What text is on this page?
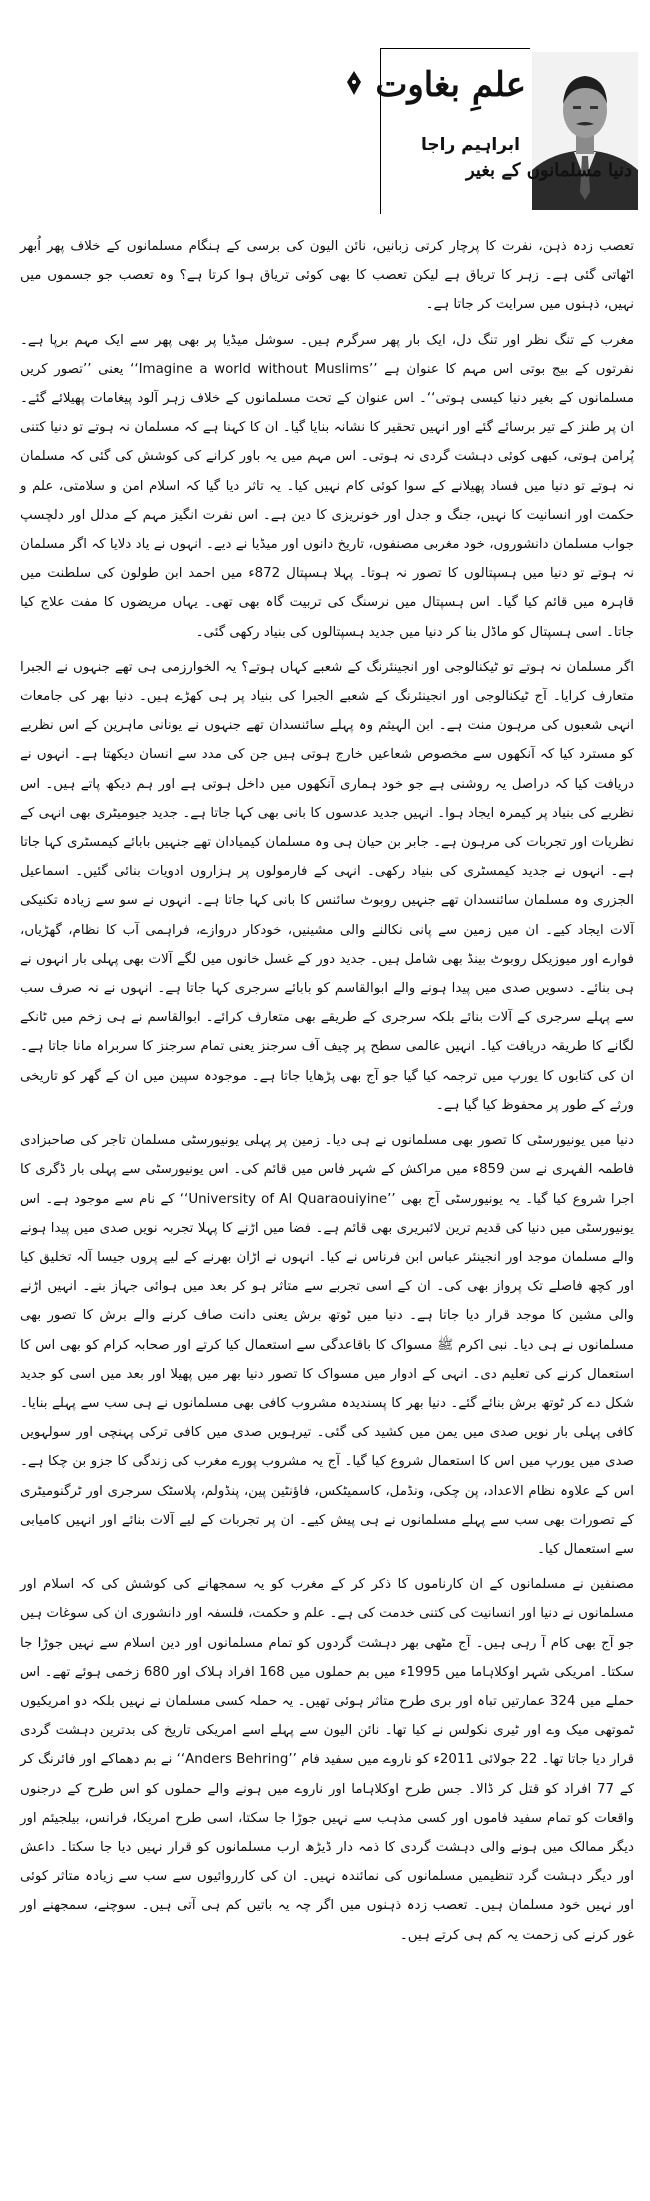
علمِ بغاوت
ابراہیم راجا
دنیا مسلمانوں کے بغیر

تعصب زدہ ذہن، نفرت کا پرچار کرتی زبانیں، نائن الیون کی برسی کے ہنگام مسلمانوں کے خلاف پھر اُبھر اٹھاتی گئی ہے۔ زہر کا تریاق ہے لیکن تعصب کا بھی کوئی تریاق ہوا کرتا ہے؟ وہ تعصب جو جسموں میں نہیں، ذہنوں میں سرایت کر جاتا ہے۔

مغرب کے تنگ نظر اور تنگ دل، ایک بار پھر سرگرم ہیں۔ سوشل میڈیا پر بھی پھر سے ایک مہم برپا ہے۔ نفرتوں کے بیج بوتی اس مہم کا عنوان ہے ’’Imagine a world without Muslims‘‘ یعنی ’’تصور کریں مسلمانوں کے بغیر دنیا کیسی ہوتی‘‘۔ اس عنوان کے تحت مسلمانوں کے خلاف زہر آلود پیغامات پھیلائے گئے۔ ان پر طنز کے تیر برسائے گئے اور انہیں تحقیر کا نشانہ بنایا گیا۔ ان کا کہنا ہے کہ مسلمان نہ ہوتے تو دنیا کتنی پُرامن ہوتی، کبھی کوئی دہشت گردی نہ ہوتی۔ اس مہم میں یہ باور کرانے کی کوشش کی گئی کہ مسلمان نہ ہوتے تو دنیا میں فساد پھیلانے کے سوا کوئی کام نہیں کیا۔ یہ تاثر دیا گیا کہ اسلام امن و سلامتی، علم و حکمت اور انسانیت کا نہیں، جنگ و جدل اور خونریزی کا دین ہے۔ اس نفرت انگیز مہم کے مدلل اور دلچسپ جواب مسلمان دانشوروں، خود مغربی مصنفوں، تاریخ دانوں اور میڈیا نے دیے۔ انہوں نے یاد دلایا کہ اگر مسلمان نہ ہوتے تو دنیا میں ہسپتالوں کا تصور نہ ہوتا۔ پہلا ہسپتال 872ء میں احمد ابن طولون کی سلطنت میں قاہرہ میں قائم کیا گیا۔ اس ہسپتال میں نرسنگ کی تربیت گاہ بھی تھی۔ یہاں مریضوں کا مفت علاج کیا جاتا۔ اسی ہسپتال کو ماڈل بنا کر دنیا میں جدید ہسپتالوں کی بنیاد رکھی گئی۔

اگر مسلمان نہ ہوتے تو ٹیکنالوجی اور انجینئرنگ کے شعبے کہاں ہوتے؟ یہ الخوارزمی ہی تھے جنہوں نے الجبرا متعارف کرایا۔ آج ٹیکنالوجی اور انجینئرنگ کے شعبے الجبرا کی بنیاد پر ہی کھڑے ہیں۔ دنیا بھر کی جامعات انہی شعبوں کی مرہون منت ہے۔ ابن الہیثم وہ پہلے سائنسدان تھے جنہوں نے یونانی ماہرین کے اس نظریے کو مسترد کیا کہ آنکھوں سے مخصوص شعاعیں خارج ہوتی ہیں جن کی مدد سے انسان دیکھتا ہے۔ انہوں نے دریافت کیا کہ دراصل یہ روشنی ہے جو خود ہماری آنکھوں میں داخل ہوتی ہے اور ہم دیکھ پاتے ہیں۔ اس نظریے کی بنیاد پر کیمرہ ایجاد ہوا۔ انہیں جدید عدسوں کا بانی بھی کہا جاتا ہے۔ جدید جیومیٹری بھی انہی کے نظریات اور تجربات کی مرہون ہے۔ جابر بن حیان ہی وہ مسلمان کیمیادان تھے جنہیں بابائے کیمسٹری کہا جاتا ہے۔ انہوں نے جدید کیمسٹری کی بنیاد رکھی۔ انہی کے فارمولوں پر ہزاروں ادویات بنائی گئیں۔ اسماعیل الجزری وہ مسلمان سائنسدان تھے جنہیں روبوٹ سائنس کا بانی کہا جاتا ہے۔ انہوں نے سو سے زیادہ تکنیکی آلات ایجاد کیے۔ ان میں زمین سے پانی نکالنے والی مشینیں، خودکار دروازے، فراہمی آب کا نظام، گھڑیاں، فوارے اور میوزیکل روبوٹ بینڈ بھی شامل ہیں۔ جدید دور کے غسل خانوں میں لگے آلات بھی پہلی بار انہوں نے ہی بنائے۔ دسویں صدی میں پیدا ہونے والے ابوالقاسم کو بابائے سرجری کہا جاتا ہے۔ انہوں نے نہ صرف سب سے پہلے سرجری کے آلات بنائے بلکہ سرجری کے طریقے بھی متعارف کرائے۔ ابوالقاسم نے ہی زخم میں ٹانکے لگانے کا طریقہ دریافت کیا۔ انہیں عالمی سطح پر چیف آف سرجنز یعنی تمام سرجنز کا سربراہ مانا جاتا ہے۔ ان کی کتابوں کا یورپ میں ترجمہ کیا گیا جو آج بھی پڑھایا جاتا ہے۔ موجودہ سپین میں ان کے گھر کو تاریخی ورثے کے طور پر محفوظ کیا گیا ہے۔

دنیا میں یونیورسٹی کا تصور بھی مسلمانوں نے ہی دیا۔ زمین پر پہلی یونیورسٹی مسلمان تاجر کی صاحبزادی فاطمہ الفہری نے سن 859ء میں مراکش کے شہر فاس میں قائم کی۔ اس یونیورسٹی سے پہلی بار ڈگری کا اجرا شروع کیا گیا۔ یہ یونیورسٹی آج بھی ’’University of Al Quaraouiyine‘‘ کے نام سے موجود ہے۔ اس یونیورسٹی میں دنیا کی قدیم ترین لائبریری بھی قائم ہے۔ فضا میں اڑنے کا پہلا تجربہ نویں صدی میں پیدا ہونے والے مسلمان موجد اور انجینئر عباس ابن فرناس نے کیا۔ انہوں نے اڑان بھرنے کے لیے پروں جیسا آلہ تخلیق کیا اور کچھ فاصلے تک پرواز بھی کی۔ ان کے اسی تجربے سے متاثر ہو کر بعد میں ہوائی جہاز بنے۔ انہیں اڑنے والی مشین کا موجد قرار دیا جاتا ہے۔ دنیا میں ٹوتھ برش یعنی دانت صاف کرنے والے برش کا تصور بھی مسلمانوں نے ہی دیا۔ نبی اکرم ﷺ مسواک کا باقاعدگی سے استعمال کیا کرتے اور صحابہ کرام کو بھی اس کا استعمال کرنے کی تعلیم دی۔ انہی کے ادوار میں مسواک کا تصور دنیا بھر میں پھیلا اور بعد میں اسی کو جدید شکل دے کر ٹوتھ برش بنائے گئے۔ دنیا بھر کا پسندیدہ مشروب کافی بھی مسلمانوں نے ہی سب سے پہلے بنایا۔ کافی پہلی بار نویں صدی میں یمن میں کشید کی گئی۔ تیرہویں صدی میں کافی ترکی پہنچی اور سولہویں صدی میں یورپ میں اس کا استعمال شروع کیا گیا۔ آج یہ مشروب پورے مغرب کی زندگی کا جزو بن چکا ہے۔ اس کے علاوہ نظام الاعداد، پن چکی، ونڈمل، کاسمیٹکس، فاؤنٹین پین، پنڈولم، پلاسٹک سرجری اور ٹرگنومیٹری کے تصورات بھی سب سے پہلے مسلمانوں نے ہی پیش کیے۔ ان پر تجربات کے لیے آلات بنائے اور انہیں کامیابی سے استعمال کیا۔

مصنفین نے مسلمانوں کے ان کارناموں کا ذکر کر کے مغرب کو یہ سمجھانے کی کوشش کی کہ اسلام اور مسلمانوں نے دنیا اور انسانیت کی کتنی خدمت کی ہے۔ علم و حکمت، فلسفہ اور دانشوری ان کی سوغات ہیں جو آج بھی کام آ رہی ہیں۔ آج مٹھی بھر دہشت گردوں کو تمام مسلمانوں اور دین اسلام سے نہیں جوڑا جا سکتا۔ امریکی شہر اوکلاہاما میں 1995ء میں بم حملوں میں 168 افراد ہلاک اور 680 زخمی ہوئے تھے۔ اس حملے میں 324 عمارتیں تباہ اور بری طرح متاثر ہوئی تھیں۔ یہ حملہ کسی مسلمان نے نہیں بلکہ دو امریکیوں ٹموتھی میک وے اور ٹیری نکولس نے کیا تھا۔ نائن الیون سے پہلے اسے امریکی تاریخ کی بدترین دہشت گردی قرار دیا جاتا تھا۔ 22 جولائی 2011ء کو ناروے میں سفید فام ’’Anders Behring‘‘ نے بم دھماکے اور فائرنگ کر کے 77 افراد کو قتل کر ڈالا۔ جس طرح اوکلاہاما اور ناروے میں ہونے والے حملوں کو اس طرح کے درجنوں واقعات کو تمام سفید فاموں اور کسی مذہب سے نہیں جوڑا جا سکتا، اسی طرح امریکا، فرانس، بیلجیئم اور دیگر ممالک میں ہونے والی دہشت گردی کا ذمہ دار ڈیڑھ ارب مسلمانوں کو قرار نہیں دیا جا سکتا۔ داعش اور دیگر دہشت گرد تنظیمیں مسلمانوں کی نمائندہ نہیں۔ ان کی کارروائیوں سے سب سے زیادہ متاثر کوئی اور نہیں خود مسلمان ہیں۔ تعصب زدہ ذہنوں میں اگر چہ یہ باتیں کم ہی آتی ہیں۔ سوچنے، سمجھنے اور غور کرنے کی زحمت یہ کم ہی کرتے ہیں۔
